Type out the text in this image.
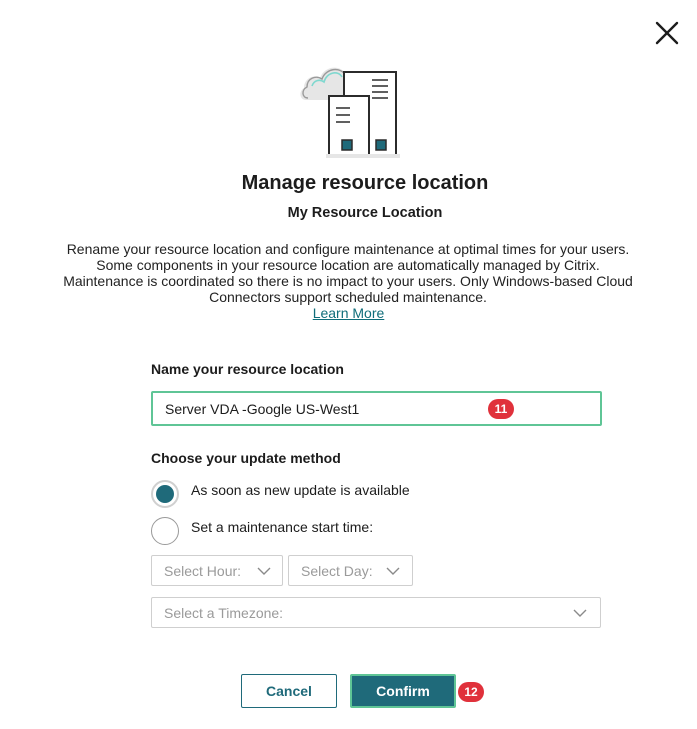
Manage resource location
My Resource Location
Rename your resource location and configure maintenance at optimal times for your users. Some components in your resource location are automatically managed by Citrix. Maintenance is coordinated so there is no impact to your users. Only Windows-based Cloud Connectors support scheduled maintenance.
Learn More
Name your resource location
Server VDA -Google US-West1
11
Choose your update method
As soon as new update is available
Set a maintenance start time:
Select Hour:	Select Day:
Select a Timezone:
Cancel	Confirm	12
